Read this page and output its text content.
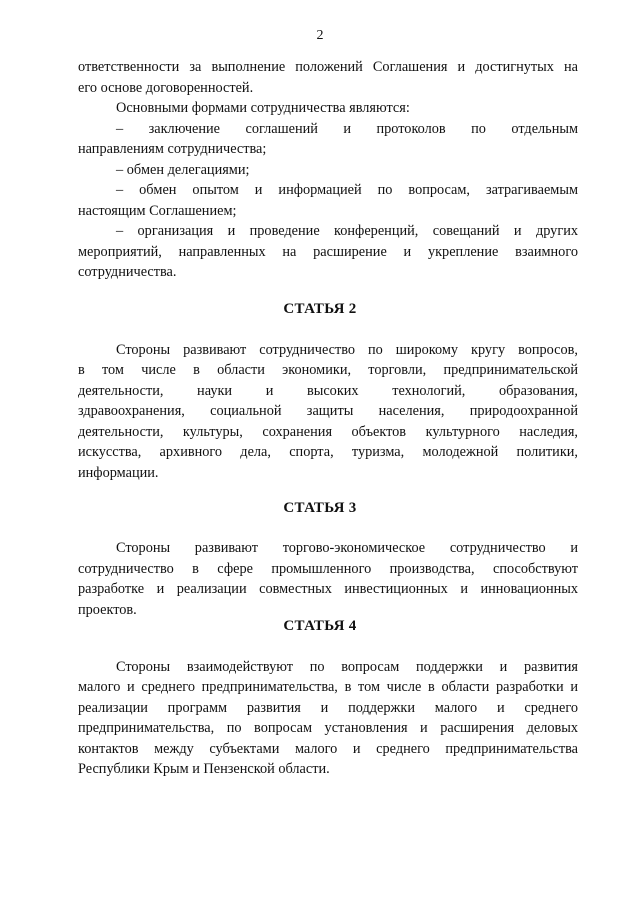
2
ответственности за выполнение положений Соглашения и достигнутых на
его основе договоренностей.
Основными формами сотрудничества являются:
– заключение соглашений и протоколов по отдельным
направлениям сотрудничества;
– обмен делегациями;
– обмен опытом и информацией по вопросам, затрагиваемым
настоящим Соглашением;
– организация и проведение конференций, совещаний и других
мероприятий, направленных на расширение и укрепление взаимного
сотрудничества.
СТАТЬЯ 2
Стороны развивают сотрудничество по широкому кругу вопросов,
в том числе в области экономики, торговли, предпринимательской
деятельности, науки и высоких технологий, образования,
здравоохранения, социальной защиты населения, природоохранной
деятельности, культуры, сохранения объектов культурного наследия,
искусства, архивного дела, спорта, туризма, молодежной политики,
информации.
СТАТЬЯ 3
Стороны развивают торгово-экономическое сотрудничество и
сотрудничество в сфере промышленного производства, способствуют
разработке и реализации совместных инвестиционных и инновационных
проектов.
СТАТЬЯ 4
Стороны взаимодействуют по вопросам поддержки и развития
малого и среднего предпринимательства, в том числе в области разработки и
реализации программ развития и поддержки малого и среднего
предпринимательства, по вопросам установления и расширения деловых
контактов между субъектами малого и среднего предпринимательства
Республики Крым и Пензенской области.
